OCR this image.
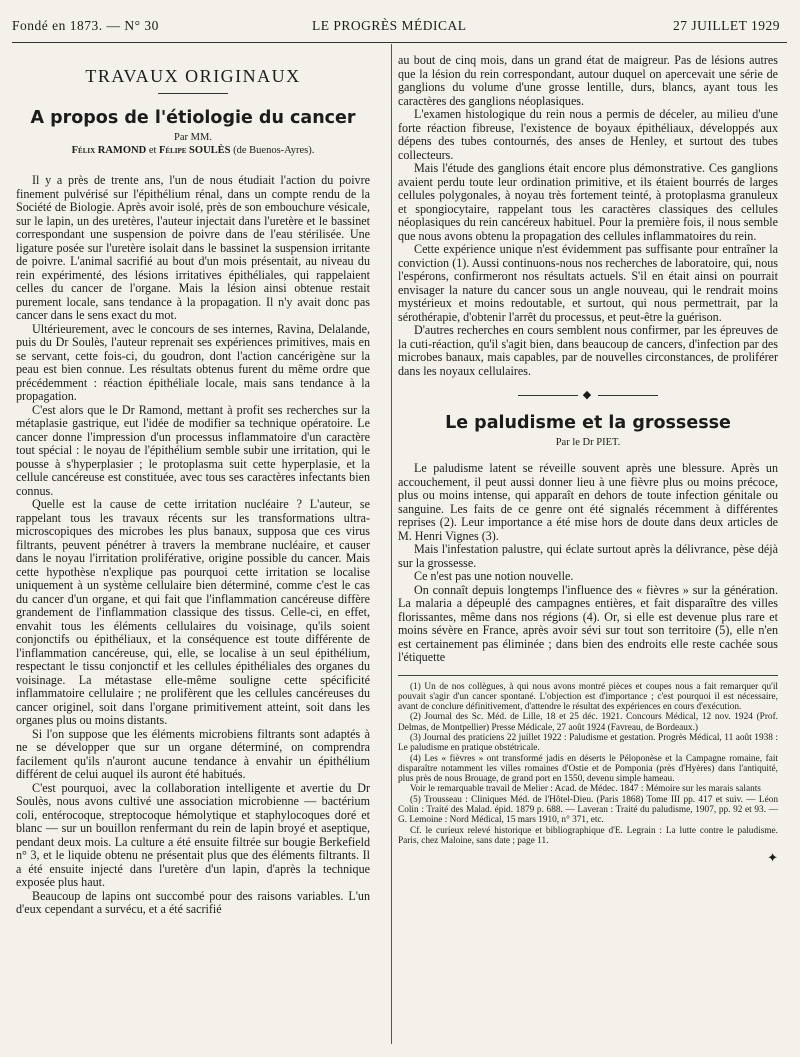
Fondé en 1873. — N° 30	LE PROGRÈS MÉDICAL	27 JUILLET 1929
TRAVAUX ORIGINAUX
A propos de l'étiologie du cancer
Par MM.
Félix RAMOND et Félipe SOULÈS (de Buenos-Ayres).

Il y a près de trente ans, l'un de nous étudiait l'action du poivre finement pulvérisé sur l'épithélium rénal, dans un compte rendu de la Société de Biologie. Après avoir isolé, près de son embouchure vésicale, sur le lapin, un des uretères, l'auteur injectait dans l'uretère et le bassinet correspondant une suspension de poivre dans de l'eau stérilisée. Une ligature posée sur l'uretère isolait dans le bassinet la suspension irritante de poivre. L'animal sacrifié au bout d'un mois présentait, au niveau du rein expérimenté, des lésions irritatives épithéliales, qui rappelaient celles du cancer de l'organe. Mais la lésion ainsi obtenue restait purement locale, sans tendance à la propagation. Il n'y avait donc pas cancer dans le sens exact du mot.

Ultérieurement, avec le concours de ses internes, Ravina, Delalande, puis du Dr Soulès, l'auteur reprenait ses expériences primitives, mais en se servant, cette fois-ci, du goudron, dont l'action cancérigène sur la peau est bien connue. Les résultats obtenus furent du même ordre que précédemment : réaction épithéliale locale, mais sans tendance à la propagation.

C'est alors que le Dr Ramond, mettant à profit ses recherches sur la métaplasie gastrique, eut l'idée de modifier sa technique opératoire. Le cancer donne l'impression d'un processus inflammatoire d'un caractère tout spécial : le noyau de l'épithélium semble subir une irritation, qui le pousse à s'hyperplasier ; le protoplasma suit cette hyperplasie, et la cellule cancéreuse est constituée, avec tous ses caractères infectants bien connus.

Quelle est la cause de cette irritation nucléaire ? L'auteur, se rappelant tous les travaux récents sur les transformations ultra-microscopiques des microbes les plus banaux, supposa que ces virus filtrants, peuvent pénétrer à travers la membrane nucléaire, et causer dans le noyau l'irritation proliférative, origine possible du cancer. Mais cette hypothèse n'explique pas pourquoi cette irritation se localise uniquement à un système cellulaire bien déterminé, comme c'est le cas du cancer d'un organe, et qui fait que l'inflammation cancéreuse diffère grandement de l'inflammation classique des tissus. Celle-ci, en effet, envahit tous les éléments cellulaires du voisinage, qu'ils soient conjonctifs ou épithéliaux, et la conséquence est toute différente de l'inflammation cancéreuse, qui, elle, se localise à un seul épithélium, respectant le tissu conjonctif et les cellules épithéliales des organes du voisinage. La métastase elle-même souligne cette spécificité inflammatoire cellulaire ; ne prolifèrent que les cellules cancéreuses du cancer originel, soit dans l'organe primitivement atteint, soit dans les organes plus ou moins distants.

Si l'on suppose que les éléments microbiens filtrants sont adaptés à ne se développer que sur un organe déterminé, on comprendra facilement qu'ils n'auront aucune tendance à envahir un épithélium différent de celui auquel ils auront été habitués.

C'est pourquoi, avec la collaboration intelligente et avertie du Dr Soulès, nous avons cultivé une association microbienne — bactérium coli, entérocoque, streptocoque hémolytique et staphylocoques doré et blanc — sur un bouillon renfermant du rein de lapin broyé et aseptique, pendant deux mois. La culture a été ensuite filtrée sur bougie Berkefield n° 3, et le liquide obtenu ne présentait plus que des éléments filtrants. Il a été ensuite injecté dans l'uretère d'un lapin, d'après la technique exposée plus haut.

Beaucoup de lapins ont succombé pour des raisons variables. L'un d'eux cependant a survécu, et a été sacrifié

au bout de cinq mois, dans un grand état de maigreur. Pas de lésions autres que la lésion du rein correspondant, autour duquel on apercevait une série de ganglions du volume d'une grosse lentille, durs, blancs, ayant tous les caractères des ganglions néoplasiques.

L'examen histologique du rein nous a permis de déceler, au milieu d'une forte réaction fibreuse, l'existence de boyaux épithéliaux, développés aux dépens des tubes contournés, des anses de Henley, et surtout des tubes collecteurs.

Mais l'étude des ganglions était encore plus démonstrative. Ces ganglions avaient perdu toute leur ordination primitive, et ils étaient bourrés de larges cellules polygonales, à noyau très fortement teinté, à protoplasma granuleux et spongiocytaire, rappelant tous les caractères classiques des cellules néoplasiques du rein cancéreux habituel. Pour la première fois, il nous semble que nous avons obtenu la propagation des cellules inflammatoires du rein.

Cette expérience unique n'est évidemment pas suffisante pour entraîner la conviction (1). Aussi continuons-nous nos recherches de laboratoire, qui, nous l'espérons, confirmeront nos résultats actuels. S'il en était ainsi on pourrait envisager la nature du cancer sous un angle nouveau, qui le rendrait moins mystérieux et moins redoutable, et surtout, qui nous permettrait, par la sérothérapie, d'obtenir l'arrêt du processus, et peut-être la guérison.

D'autres recherches en cours semblent nous confirmer, par les épreuves de la cuti-réaction, qu'il s'agit bien, dans beaucoup de cancers, d'infection par des microbes banaux, mais capables, par de nouvelles circonstances, de proliférer dans les noyaux cellulaires.

◆
Le paludisme et la grossesse
Par le Dr PIET.

Le paludisme latent se réveille souvent après une blessure. Après un accouchement, il peut aussi donner lieu à une fièvre plus ou moins précoce, plus ou moins intense, qui apparaît en dehors de toute infection génitale ou sanguine. Les faits de ce genre ont été signalés récemment à différentes reprises (2). Leur importance a été mise hors de doute dans deux articles de M. Henri Vignes (3).

Mais l'infestation palustre, qui éclate surtout après la délivrance, pèse déjà sur la grossesse.

Ce n'est pas une notion nouvelle.

On connaît depuis longtemps l'influence des « fièvres » sur la génération. La malaria a dépeuplé des campagnes entières, et fait disparaître des villes florissantes, même dans nos régions (4). Or, si elle est devenue plus rare et moins sévère en France, après avoir sévi sur tout son territoire (5), elle n'en est certainement pas éliminée ; dans bien des endroits elle reste cachée sous l'étiquette

(1) Un de nos collègues, à qui nous avons montré pièces et coupes nous a fait remarquer qu'il pouvait s'agir d'un cancer spontané. L'objection est d'importance ; c'est pourquoi il est nécessaire, avant de conclure définitivement, d'attendre le résultat des expériences en cours d'exécution.

(2) Journal des Sc. Méd. de Lille, 18 et 25 déc. 1921. Concours Médical, 12 nov. 1924 (Prof. Delmas, de Montpellier) Presse Médicale, 27 août 1924 (Favreau, de Bordeaux.)

(3) Journal des praticiens 22 juillet 1922 : Paludisme et gestation. Progrès Médical, 11 août 1938 : Le paludisme en pratique obstétricale.

(4) Les « fièvres » ont transformé jadis en déserts le Péloponèse et la Campagne romaine, fait disparaître notamment les villes romaines d'Ostie et de Pomponia (près d'Hyères) dans l'antiquité, plus près de nous Brouage, de grand port en 1550, devenu simple hameau.

Voir le remarquable travail de Melier : Acad. de Médec. 1847 : Mémoire sur les marais salants

(5) Trousseau : Cliniques Méd. de l'Hôtel-Dieu. (Paris 1868) Tome III pp. 417 et suiv. — Léon Colin : Traité des Malad. épid. 1879 p. 688. — Laveran : Traité du paludisme, 1907, pp. 92 et 93. — G. Lemoine : Nord Médical, 15 mars 1910, n° 371, etc.

Cf. le curieux relevé historique et bibliographique d'E. Legrain : La lutte contre le paludisme. Paris, chez Maloine, sans date ; page 11.

✦
